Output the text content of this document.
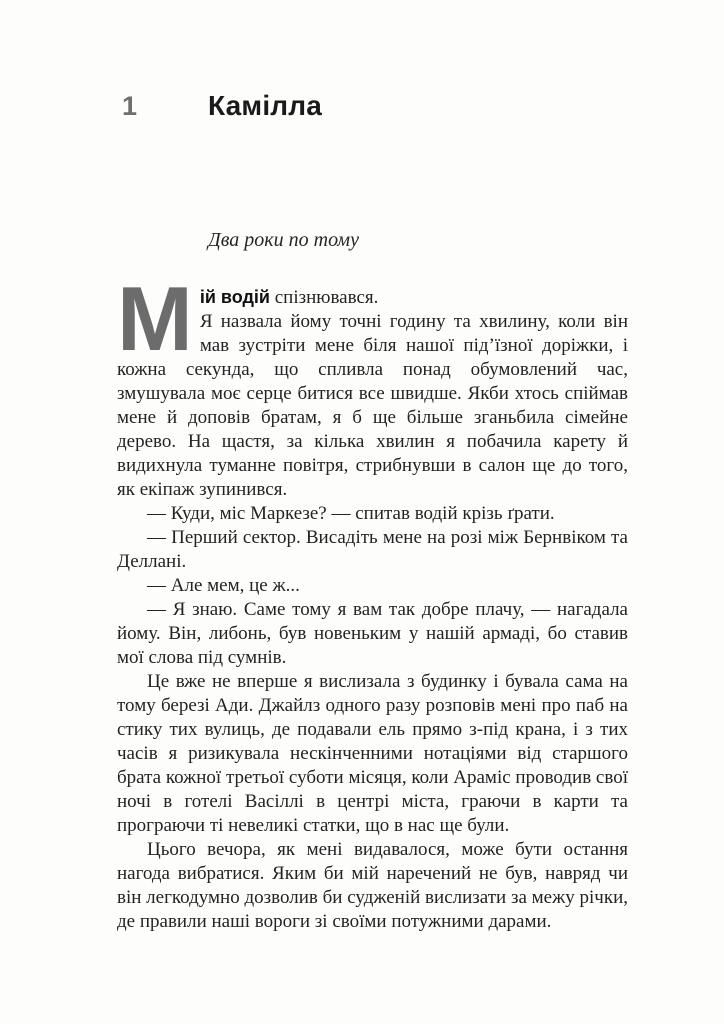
1	Камілла

Два роки по тому

М ій водій спізнювався.

Я назвала йому точні годину та хвилину, коли він мав зустріти мене біля нашої під’їзної доріжки, і кожна секунда, що спливла понад обумовлений час, змушувала моє серце битися все швидше. Якби хтось спіймав мене й доповів братам, я б ще більше зганьбила сімейне дерево. На щастя, за кілька хвилин я побачила карету й видихнула туманне повітря, стрибнувши в салон ще до того, як екіпаж зупинився.

— Куди, міс Маркезе? — спитав водій крізь ґрати.

— Перший сектор. Висадіть мене на розі між Бернвіком та Деллані.

— Але мем, це ж...

— Я знаю. Саме тому я вам так добре плачу, — нагадала йому. Він, либонь, був новеньким у нашій армаді, бо ставив мої слова під сумнів.

Це вже не вперше я вислизала з будинку і бувала сама на тому березі Ади. Джайлз одного разу розповів мені про паб на стику тих вулиць, де подавали ель прямо з-під крана, і з тих часів я ризикувала нескінченними нотаціями від старшого брата кожної третьої суботи місяця, коли Араміс проводив свої ночі в готелі Васіллі в центрі міста, граючи в карти та програючи ті невеликі статки, що в нас ще були.

Цього вечора, як мені видавалося, може бути остання нагода вибратися. Яким би мій наречений не був, навряд чи він легкодумно дозволив би судженій вислизати за межу річки, де правили наші вороги зі своїми потужними дарами.
